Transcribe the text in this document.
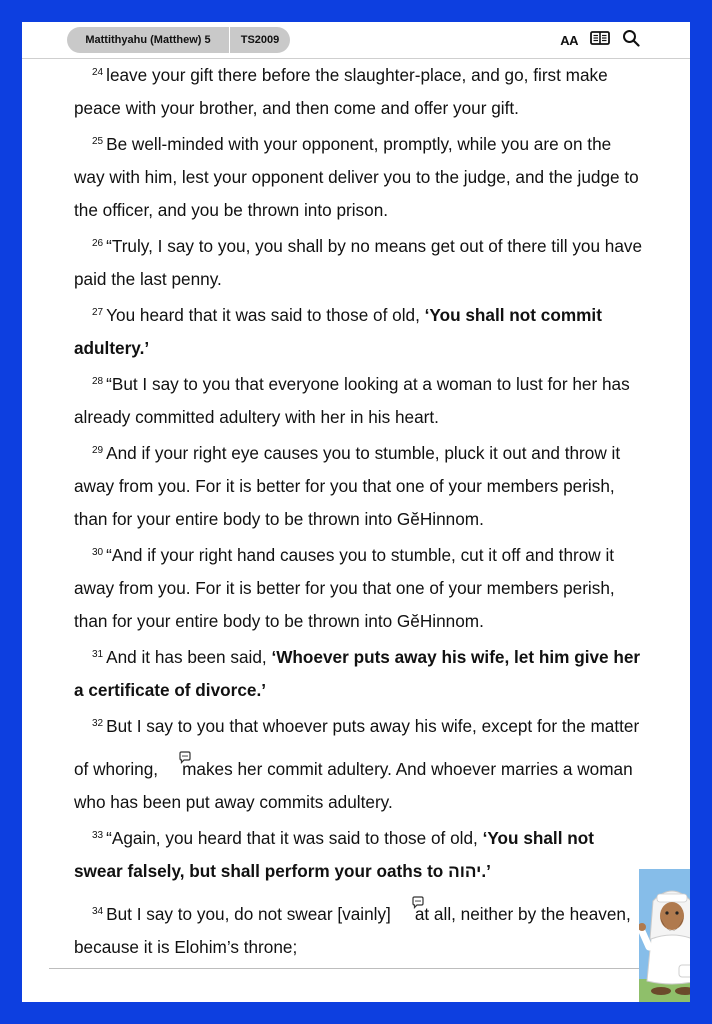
Mattithyahu (Matthew) 5	TS2009	AA

$^{24}$ leave your gift there before the slaughter-place, and go, first make peace with your brother, and then come and offer your gift.

$^{25}$ Be well-minded with your opponent, promptly, while you are on the way with him, lest your opponent deliver you to the judge, and the judge to the officer, and you be thrown into prison.

$^{26}$ “Truly, I say to you, you shall by no means get out of there till you have paid the last penny.

$^{27}$ You heard that it was said to those of old, ‘You shall not commit adultery.’

$^{28}$ “But I say to you that everyone looking at a woman to lust for her has already committed adultery with her in his heart.

$^{29}$ And if your right eye causes you to stumble, pluck it out and throw it away from you. For it is better for you that one of your members perish, than for your entire body to be thrown into GĕHinnom.

$^{30}$ “And if your right hand causes you to stumble, cut it off and throw it away from you. For it is better for you that one of your members perish, than for your entire body to be thrown into GĕHinnom.

$^{31}$ And it has been said, ‘Whoever puts away his wife, let him give her a certificate of divorce.’

$^{32}$ But I say to you that whoever puts away his wife, except for the matter of whoring, makes her commit adultery. And whoever marries a woman who has been put away commits adultery.

$^{33}$ “Again, you heard that it was said to those of old, ‘You shall not swear falsely, but shall perform your oaths to יהוה.’

$^{34}$ But I say to you, do not swear [vainly] at all, neither by the heaven, because it is Elohim’s throne;
